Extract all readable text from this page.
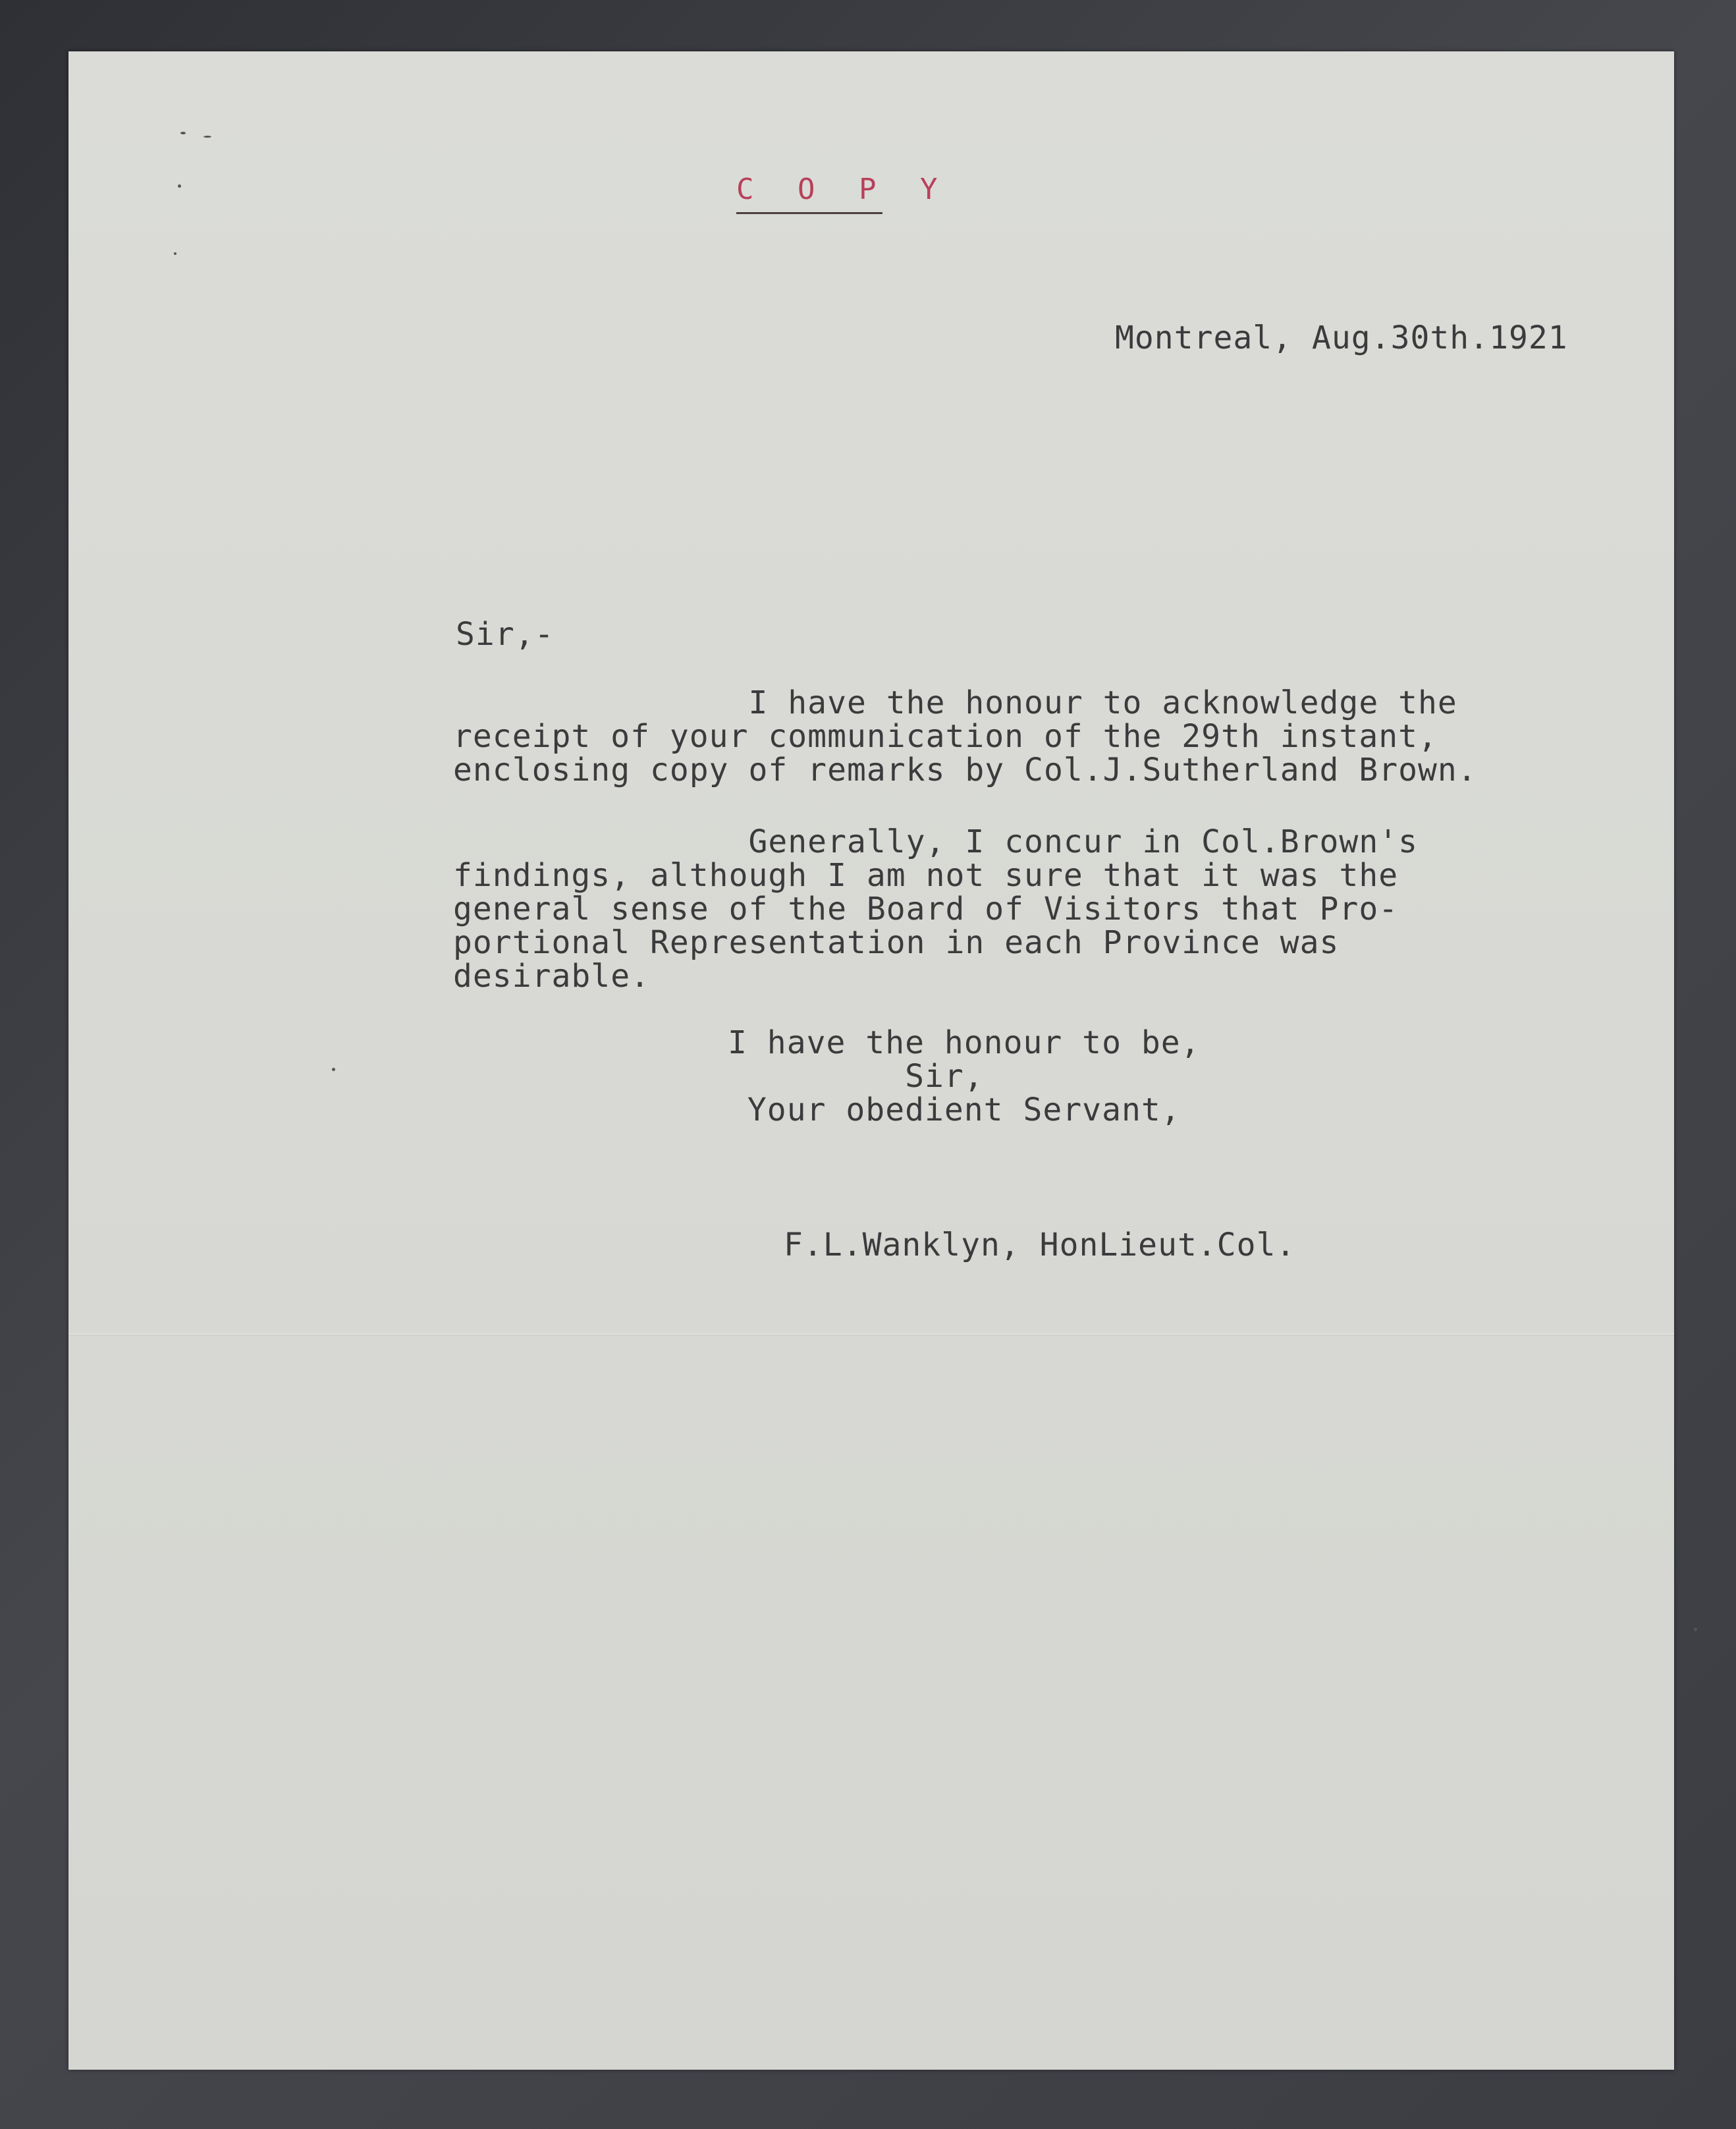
C O P Y
Montreal, Aug.30th.1921
Sir,-
I have the honour to acknowledge the
receipt of your communication of the 29th instant,
enclosing copy of remarks by Col.J.Sutherland Brown.
Generally, I concur in Col.Brown's
findings, although I am not sure that it was the
general sense of the Board of Visitors that Pro-
portional Representation in each Province was
desirable.
I have the honour to be,
Sir,
Your obedient Servant,
F.L.Wanklyn, HonLieut.Col.
